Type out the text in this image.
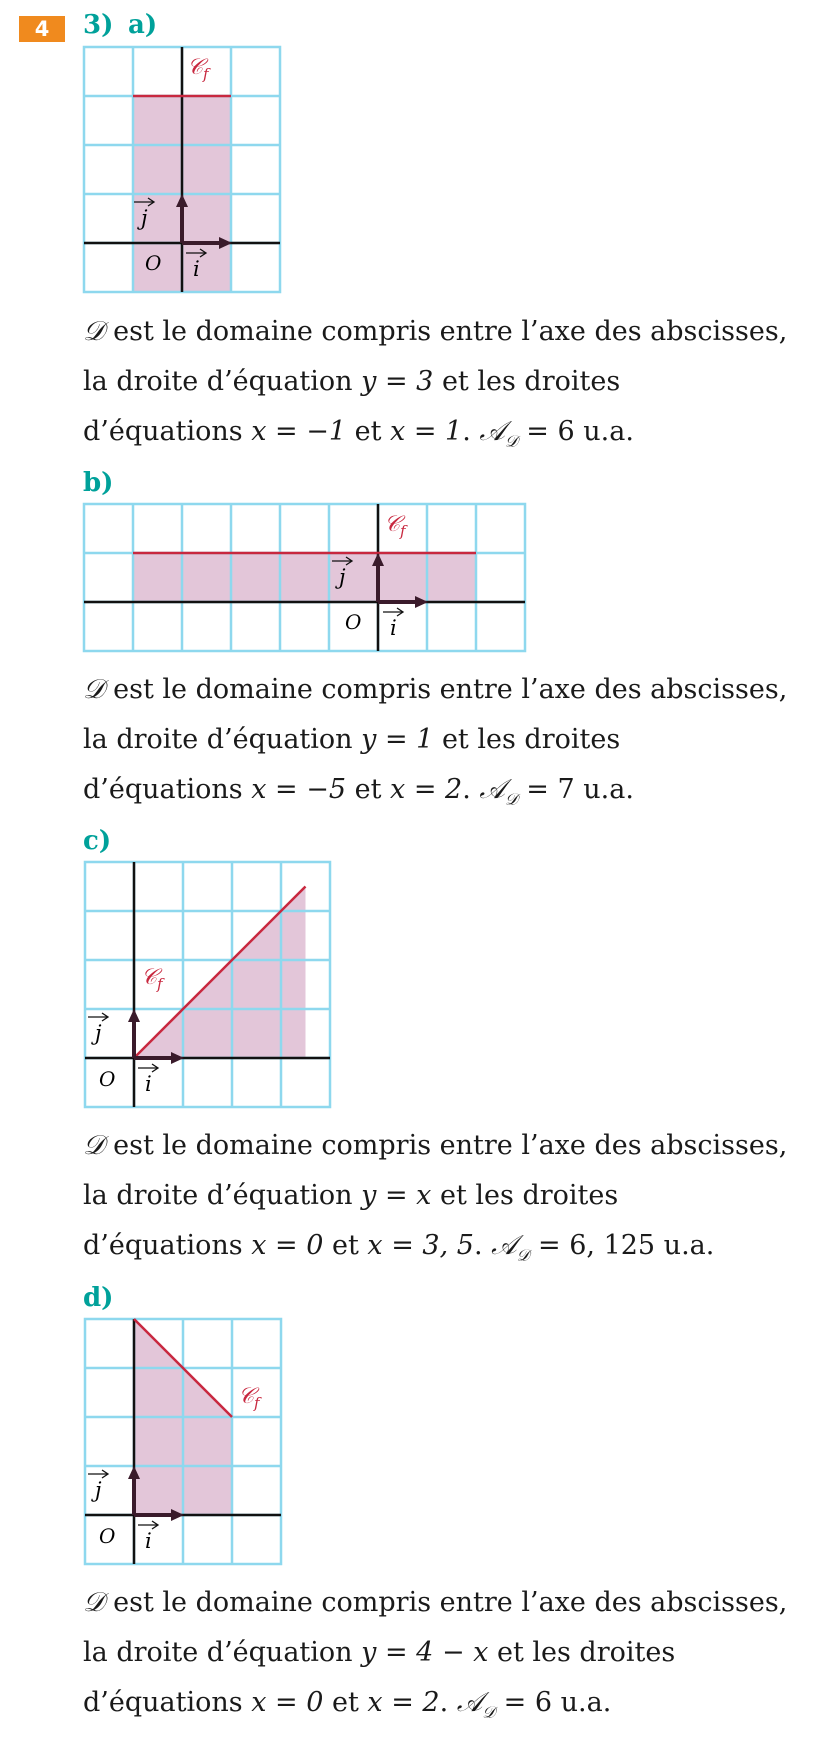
4	3) a)
𝒞$_f$
O i
j
𝒟 est le domaine compris entre l’axe des abscisses,
la droite d’équation y = 3 et les droites
d’équations x = −1 et x = 1. 𝒜$_𝒟$ = 6 u.a.
b)
𝒞$_f$
O i
j
𝒟 est le domaine compris entre l’axe des abscisses,
la droite d’équation y = 1 et les droites
d’équations x = −5 et x = 2. 𝒜$_𝒟$ = 7 u.a.
c)
𝒞$_f$
O i
j
𝒟 est le domaine compris entre l’axe des abscisses,
la droite d’équation y = x et les droites
d’équations x = 0 et x = 3, 5. 𝒜$_𝒟$ = 6, 125 u.a.
d)
𝒞$_f$
O i
j
𝒟 est le domaine compris entre l’axe des abscisses,
la droite d’équation y = 4 − x et les droites
d’équations x = 0 et x = 2. 𝒜$_𝒟$ = 6 u.a.
